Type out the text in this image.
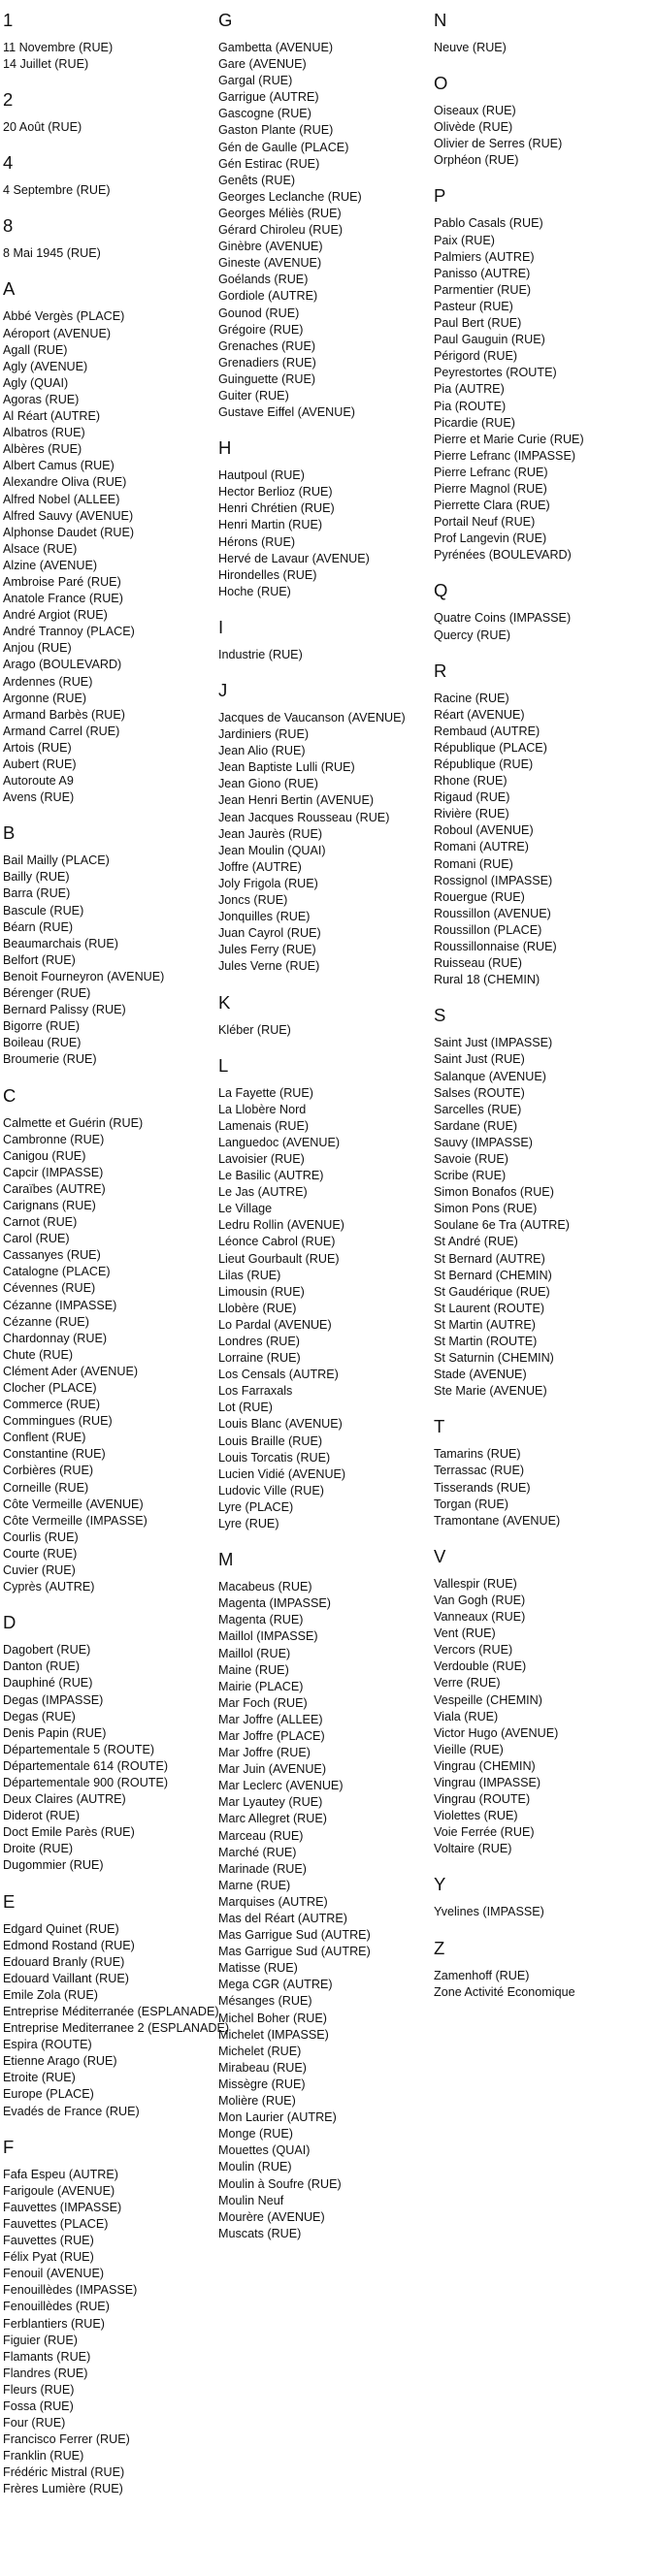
1
11 Novembre (RUE)
14 Juillet (RUE)
2
20 Août (RUE)
4
4 Septembre (RUE)
8
8 Mai 1945 (RUE)
A
Abbé Vergès (PLACE)
Aéroport (AVENUE)
Agall (RUE)
Agly (AVENUE)
Agly (QUAI)
Agoras (RUE)
Al Réart (AUTRE)
Albatros (RUE)
Albères (RUE)
Albert Camus (RUE)
Alexandre Oliva (RUE)
Alfred Nobel (ALLEE)
Alfred Sauvy (AVENUE)
Alphonse Daudet (RUE)
Alsace (RUE)
Alzine (AVENUE)
Ambroise Paré (RUE)
Anatole France (RUE)
André Argiot (RUE)
André Trannoy (PLACE)
Anjou (RUE)
Arago (BOULEVARD)
Ardennes (RUE)
Argonne (RUE)
Armand Barbès (RUE)
Armand Carrel (RUE)
Artois (RUE)
Aubert (RUE)
Autoroute A9
Avens (RUE)
B
Bail Mailly (PLACE)
Bailly (RUE)
Barra (RUE)
Bascule (RUE)
Béarn (RUE)
Beaumarchais (RUE)
Belfort (RUE)
Benoit Fourneyron (AVENUE)
Bérenger (RUE)
Bernard Palissy (RUE)
Bigorre (RUE)
Boileau (RUE)
Broumerie (RUE)
C
Calmette et Guérin (RUE)
Cambronne (RUE)
Canigou (RUE)
Capcir (IMPASSE)
Caraïbes (AUTRE)
Carignans (RUE)
Carnot (RUE)
Carol (RUE)
Cassanyes (RUE)
Catalogne (PLACE)
Cévennes (RUE)
Cézanne (IMPASSE)
Cézanne (RUE)
Chardonnay (RUE)
Chute (RUE)
Clément Ader (AVENUE)
Clocher (PLACE)
Commerce (RUE)
Commingues (RUE)
Conflent (RUE)
Constantine (RUE)
Corbières (RUE)
Corneille (RUE)
Côte Vermeille (AVENUE)
Côte Vermeille (IMPASSE)
Courlis (RUE)
Courte (RUE)
Cuvier (RUE)
Cyprès (AUTRE)
D
Dagobert (RUE)
Danton (RUE)
Dauphiné (RUE)
Degas (IMPASSE)
Degas (RUE)
Denis Papin (RUE)
Départementale 5 (ROUTE)
Départementale 614 (ROUTE)
Départementale 900 (ROUTE)
Deux Claires (AUTRE)
Diderot (RUE)
Doct Emile Parès (RUE)
Droite (RUE)
Dugommier (RUE)
E
Edgard Quinet (RUE)
Edmond Rostand (RUE)
Edouard Branly (RUE)
Edouard Vaillant (RUE)
Emile Zola (RUE)
Entreprise Méditerranée (ESPLANADE)
Entreprise Mediterranee 2 (ESPLANADE)
Espira (ROUTE)
Etienne Arago (RUE)
Etroite (RUE)
Europe (PLACE)
Evadés de France (RUE)
F
Fafa Espeu (AUTRE)
Farigoule (AVENUE)
Fauvettes (IMPASSE)
Fauvettes (PLACE)
Fauvettes (RUE)
Félix Pyat (RUE)
Fenouil (AVENUE)
Fenouillèdes (IMPASSE)
Fenouillèdes (RUE)
Ferblantiers (RUE)
Figuier (RUE)
Flamants (RUE)
Flandres (RUE)
Fleurs (RUE)
Fossa (RUE)
Four (RUE)
Francisco Ferrer (RUE)
Franklin (RUE)
Frédéric Mistral (RUE)
Frères Lumière (RUE)
G
Gambetta (AVENUE)
Gare (AVENUE)
Gargal (RUE)
Garrigue (AUTRE)
Gascogne (RUE)
Gaston Plante (RUE)
Gén de Gaulle (PLACE)
Gén Estirac (RUE)
Genêts (RUE)
Georges Leclanche (RUE)
Georges Méliès (RUE)
Gérard Chiroleu (RUE)
Ginèbre (AVENUE)
Gineste (AVENUE)
Goélands (RUE)
Gordiole (AUTRE)
Gounod (RUE)
Grégoire (RUE)
Grenaches (RUE)
Grenadiers (RUE)
Guinguette (RUE)
Guiter (RUE)
Gustave Eiffel (AVENUE)
H
Hautpoul (RUE)
Hector Berlioz (RUE)
Henri Chrétien (RUE)
Henri Martin (RUE)
Hérons (RUE)
Hervé de Lavaur (AVENUE)
Hirondelles (RUE)
Hoche (RUE)
I
Industrie (RUE)
J
Jacques de Vaucanson (AVENUE)
Jardiniers (RUE)
Jean Alio (RUE)
Jean Baptiste Lulli (RUE)
Jean Giono (RUE)
Jean Henri Bertin (AVENUE)
Jean Jacques Rousseau (RUE)
Jean Jaurès (RUE)
Jean Moulin (QUAI)
Joffre (AUTRE)
Joly Frigola (RUE)
Joncs (RUE)
Jonquilles (RUE)
Juan Cayrol (RUE)
Jules Ferry (RUE)
Jules Verne (RUE)
K
Kléber (RUE)
L
La Fayette (RUE)
La Llobère Nord
Lamenais (RUE)
Languedoc (AVENUE)
Lavoisier (RUE)
Le Basilic (AUTRE)
Le Jas (AUTRE)
Le Village
Ledru Rollin (AVENUE)
Léonce Cabrol (RUE)
Lieut Gourbault (RUE)
Lilas (RUE)
Limousin (RUE)
Llobère (RUE)
Lo Pardal (AVENUE)
Londres (RUE)
Lorraine (RUE)
Los Censals (AUTRE)
Los Farraxals
Lot (RUE)
Louis Blanc (AVENUE)
Louis Braille (RUE)
Louis Torcatis (RUE)
Lucien Vidié (AVENUE)
Ludovic Ville (RUE)
Lyre (PLACE)
Lyre (RUE)
M
Macabeus (RUE)
Magenta (IMPASSE)
Magenta (RUE)
Maillol (IMPASSE)
Maillol (RUE)
Maine (RUE)
Mairie (PLACE)
Mar Foch (RUE)
Mar Joffre (ALLEE)
Mar Joffre (PLACE)
Mar Joffre (RUE)
Mar Juin (AVENUE)
Mar Leclerc (AVENUE)
Mar Lyautey (RUE)
Marc Allegret (RUE)
Marceau (RUE)
Marché (RUE)
Marinade (RUE)
Marne (RUE)
Marquises (AUTRE)
Mas del Réart (AUTRE)
Mas Garrigue Sud (AUTRE)
Mas Garrigue Sud (AUTRE)
Matisse (RUE)
Mega CGR (AUTRE)
Mésanges (RUE)
Michel Boher (RUE)
Michelet (IMPASSE)
Michelet (RUE)
Mirabeau (RUE)
Missègre (RUE)
Molière (RUE)
Mon Laurier (AUTRE)
Monge (RUE)
Mouettes (QUAI)
Moulin (RUE)
Moulin à Soufre (RUE)
Moulin Neuf
Mourère (AVENUE)
Muscats (RUE)
N
Neuve (RUE)
O
Oiseaux (RUE)
Olivède (RUE)
Olivier de Serres (RUE)
Orphéon (RUE)
P
Pablo Casals (RUE)
Paix (RUE)
Palmiers (AUTRE)
Panisso (AUTRE)
Parmentier (RUE)
Pasteur (RUE)
Paul Bert (RUE)
Paul Gauguin (RUE)
Périgord (RUE)
Peyrestortes (ROUTE)
Pia (AUTRE)
Pia (ROUTE)
Picardie (RUE)
Pierre et Marie Curie (RUE)
Pierre Lefranc (IMPASSE)
Pierre Lefranc (RUE)
Pierre Magnol (RUE)
Pierrette Clara (RUE)
Portail Neuf (RUE)
Prof Langevin (RUE)
Pyrénées (BOULEVARD)
Q
Quatre Coins (IMPASSE)
Quercy (RUE)
R
Racine (RUE)
Réart (AVENUE)
Rembaud (AUTRE)
République (PLACE)
République (RUE)
Rhone (RUE)
Rigaud (RUE)
Rivière (RUE)
Roboul (AVENUE)
Romani (AUTRE)
Romani (RUE)
Rossignol (IMPASSE)
Rouergue (RUE)
Roussillon (AVENUE)
Roussillon (PLACE)
Roussillonnaise (RUE)
Ruisseau (RUE)
Rural 18 (CHEMIN)
S
Saint Just (IMPASSE)
Saint Just (RUE)
Salanque (AVENUE)
Salses (ROUTE)
Sarcelles (RUE)
Sardane (RUE)
Sauvy (IMPASSE)
Savoie (RUE)
Scribe (RUE)
Simon Bonafos (RUE)
Simon Pons (RUE)
Soulane 6e Tra (AUTRE)
St André (RUE)
St Bernard (AUTRE)
St Bernard (CHEMIN)
St Gaudérique (RUE)
St Laurent (ROUTE)
St Martin (AUTRE)
St Martin (ROUTE)
St Saturnin (CHEMIN)
Stade (AVENUE)
Ste Marie (AVENUE)
T
Tamarins (RUE)
Terrassac (RUE)
Tisserands (RUE)
Torgan (RUE)
Tramontane (AVENUE)
V
Vallespir (RUE)
Van Gogh (RUE)
Vanneaux (RUE)
Vent (RUE)
Vercors (RUE)
Verdouble (RUE)
Verre (RUE)
Vespeille (CHEMIN)
Viala (RUE)
Victor Hugo (AVENUE)
Vieille (RUE)
Vingrau (CHEMIN)
Vingrau (IMPASSE)
Vingrau (ROUTE)
Violettes (RUE)
Voie Ferrée (RUE)
Voltaire (RUE)
Y
Yvelines (IMPASSE)
Z
Zamenhoff (RUE)
Zone Activité Economique
